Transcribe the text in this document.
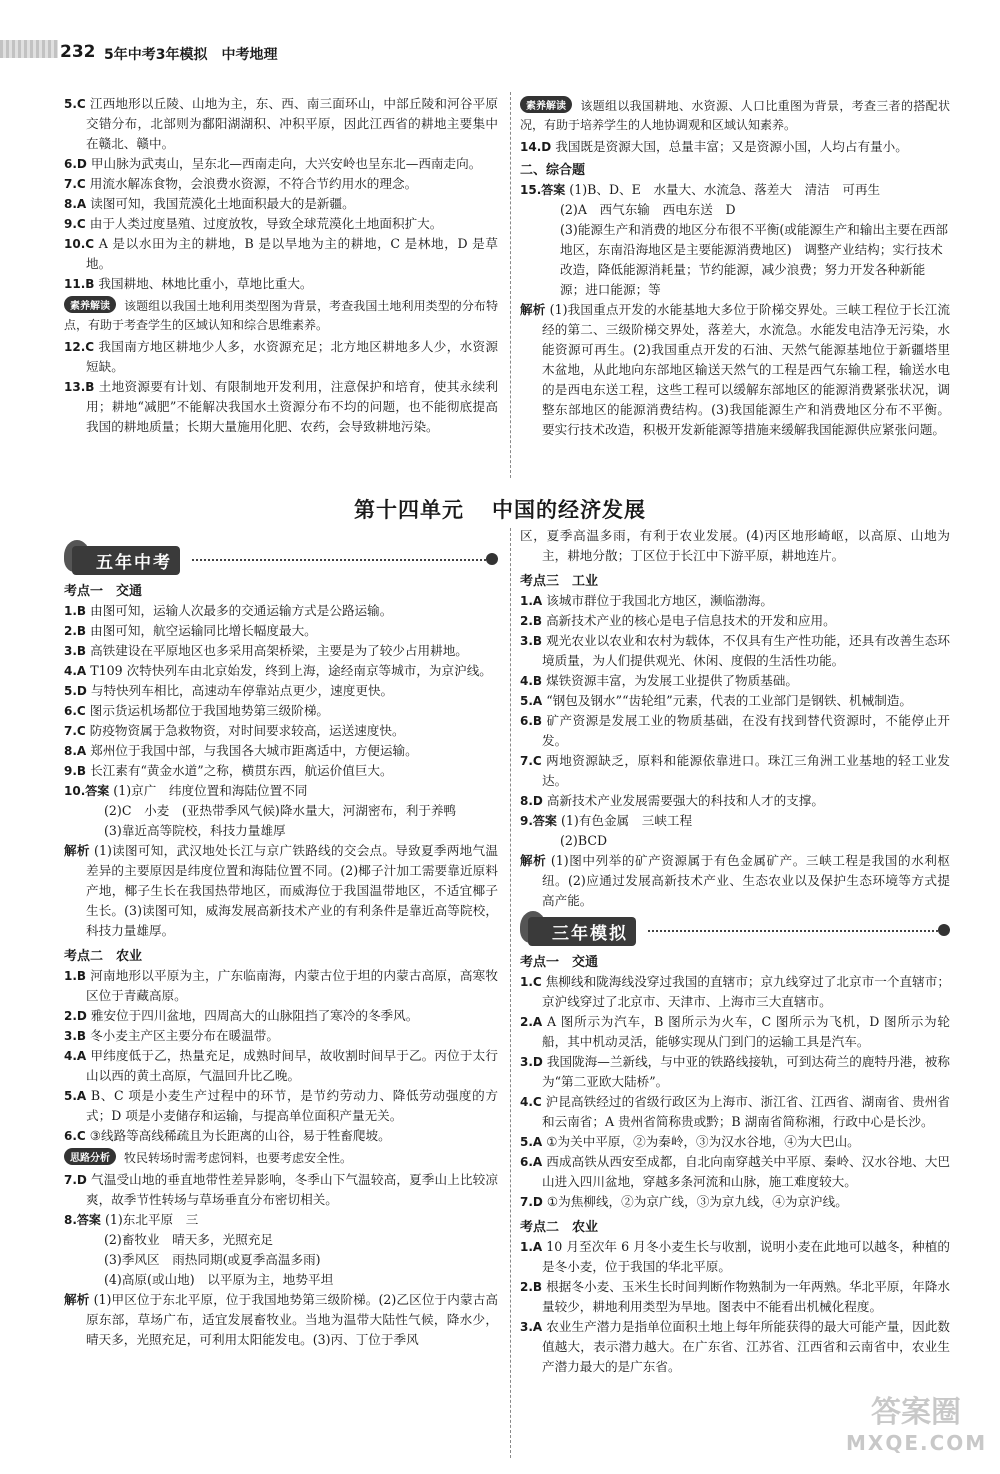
232 5年中考3年模拟　中考地理

5.C 江西地形以丘陵、山地为主，东、西、南三面环山，中部丘陵和河谷平原交错分布，北部则为鄱阳湖湖积、冲积平原，因此江西省的耕地主要集中在赣北、赣中。

6.D 甲山脉为武夷山，呈东北—西南走向，大兴安岭也呈东北—西南走向。

7.C 用流水解冻食物，会浪费水资源，不符合节约用水的理念。

8.A 读图可知，我国荒漠化土地面积最大的是新疆。

9.C 由于人类过度垦殖、过度放牧，导致全球荒漠化土地面积扩大。

10.C A 是以水田为主的耕地，B 是以旱地为主的耕地，C 是林地，D 是草地。

11.B 我国耕地、林地比重小，草地比重大。

素养解读 该题组以我国土地利用类型图为背景，考查我国土地利用类型的分布特点，有助于考查学生的区域认知和综合思维素养。

12.C 我国南方地区耕地少人多，水资源充足；北方地区耕地多人少，水资源短缺。

13.B 土地资源要有计划、有限制地开发利用，注意保护和培育，使其永续利用；耕地“减肥”不能解决我国水土资源分布不均的问题，也不能彻底提高我国的耕地质量；长期大量施用化肥、农药，会导致耕地污染。

素养解读 该题组以我国耕地、水资源、人口比重图为背景，考查三者的搭配状况，有助于培养学生的人地协调观和区域认知素养。

14.D 我国既是资源大国，总量丰富；又是资源小国，人均占有量小。

二、综合题

15.答案 (1)B、D、E　水量大、水流急、落差大　清洁　可再生

(2)A　西气东输　西电东送　D

(3)能源生产和消费的地区分布很不平衡(或能源生产和输出主要在西部地区，东南沿海地区是主要能源消费地区)　调整产业结构；实行技术改造，降低能源消耗量；节约能源，减少浪费；努力开发各种新能源；进口能源；等

解析 (1)我国重点开发的水能基地大多位于阶梯交界处。三峡工程位于长江流经的第二、三级阶梯交界处，落差大，水流急。水能发电洁净无污染，水能资源可再生。(2)我国重点开发的石油、天然气能源基地位于新疆塔里木盆地，从此地向东部地区输送天然气的工程是西气东输工程，输送水电的是西电东送工程，这些工程可以缓解东部地区的能源消费紧张状况，调整东部地区的能源消费结构。(3)我国能源生产和消费地区分布不平衡。要实行技术改造，积极开发新能源等措施来缓解我国能源供应紧张问题。

第十四单元 中国的经济发展
五年中考

考点一　交通

1.B 由图可知，运输人次最多的交通运输方式是公路运输。

2.B 由图可知，航空运输同比增长幅度最大。

3.B 高铁建设在平原地区也多采用高架桥梁，主要是为了较少占用耕地。

4.A T109 次特快列车由北京始发，终到上海，途经南京等城市，为京沪线。

5.D 与特快列车相比，高速动车停靠站点更少，速度更快。

6.C 图示货运机场都位于我国地势第三级阶梯。

7.C 防疫物资属于急救物资，对时间要求较高，运送速度快。

8.A 郑州位于我国中部，与我国各大城市距离适中，方便运输。

9.B 长江素有“黄金水道”之称，横贯东西，航运价值巨大。

10.答案 (1)京广　纬度位置和海陆位置不同

(2)C　小麦　(亚热带季风气候)降水量大，河湖密布，利于养鸭

(3)靠近高等院校，科技力量雄厚

解析 (1)读图可知，武汉地处长江与京广铁路线的交会点。导致夏季两地气温差异的主要原因是纬度位置和海陆位置不同。(2)椰子汁加工需要靠近原料产地，椰子生长在我国热带地区，而威海位于我国温带地区，不适宜椰子生长。(3)读图可知，威海发展高新技术产业的有利条件是靠近高等院校，科技力量雄厚。

考点二　农业

1.B 河南地形以平原为主，广东临南海，内蒙古位于坦的内蒙古高原，高寒牧区位于青藏高原。

2.D 雅安位于四川盆地，四周高大的山脉阻挡了寒冷的冬季风。

3.B 冬小麦主产区主要分布在暖温带。

4.A 甲纬度低于乙，热量充足，成熟时间早，故收割时间早于乙。丙位于太行山以西的黄土高原，气温回升比乙晚。

5.A B、C 项是小麦生产过程中的环节，是节约劳动力、降低劳动强度的方式；D 项是小麦储存和运输，与提高单位面积产量无关。

6.C ③线路等高线稀疏且为长距离的山谷，易于牲畜爬坡。

思路分析 牧民转场时需考虑饲料，也要考虑安全性。

7.D 气温受山地的垂直地带性差异影响，冬季山下气温较高，夏季山上比较凉爽，故季节性转场与草场垂直分布密切相关。

8.答案 (1)东北平原　三

(2)畜牧业　晴天多，光照充足

(3)季风区　雨热同期(或夏季高温多雨)

(4)高原(或山地)　以平原为主，地势平坦

解析 (1)甲区位于东北平原，位于我国地势第三级阶梯。(2)乙区位于内蒙古高原东部，草场广布，适宜发展畜牧业。当地为温带大陆性气候，降水少，晴天多，光照充足，可利用太阳能发电。(3)丙、丁位于季风

区，夏季高温多雨，有利于农业发展。(4)丙区地形崎岖，以高原、山地为主，耕地分散；丁区位于长江中下游平原，耕地连片。

考点三　工业

1.A 该城市群位于我国北方地区，濒临渤海。

2.B 高新技术产业的核心是电子信息技术的开发和应用。

3.B 观光农业以农业和农村为载体，不仅具有生产性功能，还具有改善生态环境质量，为人们提供观光、休闲、度假的生活性功能。

4.B 煤铁资源丰富，为发展工业提供了物质基础。

5.A “钢包及钢水”“齿轮组”元素，代表的工业部门是钢铁、机械制造。

6.B 矿产资源是发展工业的物质基础，在没有找到替代资源时，不能停止开发。

7.C 两地资源缺乏，原料和能源依靠进口。珠江三角洲工业基地的轻工业发达。

8.D 高新技术产业发展需要强大的科技和人才的支撑。

9.答案 (1)有色金属　三峡工程

(2)BCD

解析 (1)图中列举的矿产资源属于有色金属矿产。三峡工程是我国的水利枢纽。(2)应通过发展高新技术产业、生态农业以及保护生态环境等方式提高产能。

三年模拟

考点一　交通

1.C 焦柳线和陇海线没穿过我国的直辖市；京九线穿过了北京市一个直辖市；京沪线穿过了北京市、天津市、上海市三大直辖市。

2.A A 图所示为汽车，B 图所示为火车，C 图所示为飞机，D 图所示为轮船，其中机动灵活，能够实现从门到门的运输工具是汽车。

3.D 我国陇海—兰新线，与中亚的铁路线接轨，可到达荷兰的鹿特丹港，被称为“第二亚欧大陆桥”。

4.C 沪昆高铁经过的省级行政区为上海市、浙江省、江西省、湖南省、贵州省和云南省；A 贵州省简称贵或黔；B 湖南省简称湘，行政中心是长沙。

5.A ①为关中平原，②为秦岭，③为汉水谷地，④为大巴山。

6.A 西成高铁从西安至成都，自北向南穿越关中平原、秦岭、汉水谷地、大巴山进入四川盆地，穿越多条河流和山脉，施工难度较大。

7.D ①为焦柳线，②为京广线，③为京九线，④为京沪线。

考点二　农业

1.A 10 月至次年 6 月冬小麦生长与收割，说明小麦在此地可以越冬，种植的是冬小麦，位于我国的华北平原。

2.B 根据冬小麦、玉米生长时间判断作物熟制为一年两熟。华北平原，年降水量较少，耕地利用类型为旱地。图表中不能看出机械化程度。

3.A 农业生产潜力是指单位面积土地上每年所能获得的最大可能产量，因此数值越大，表示潜力越大。在广东省、江苏省、江西省和云南省中，农业生产潜力最大的是广东省。

答案圈
MXQE.COM
